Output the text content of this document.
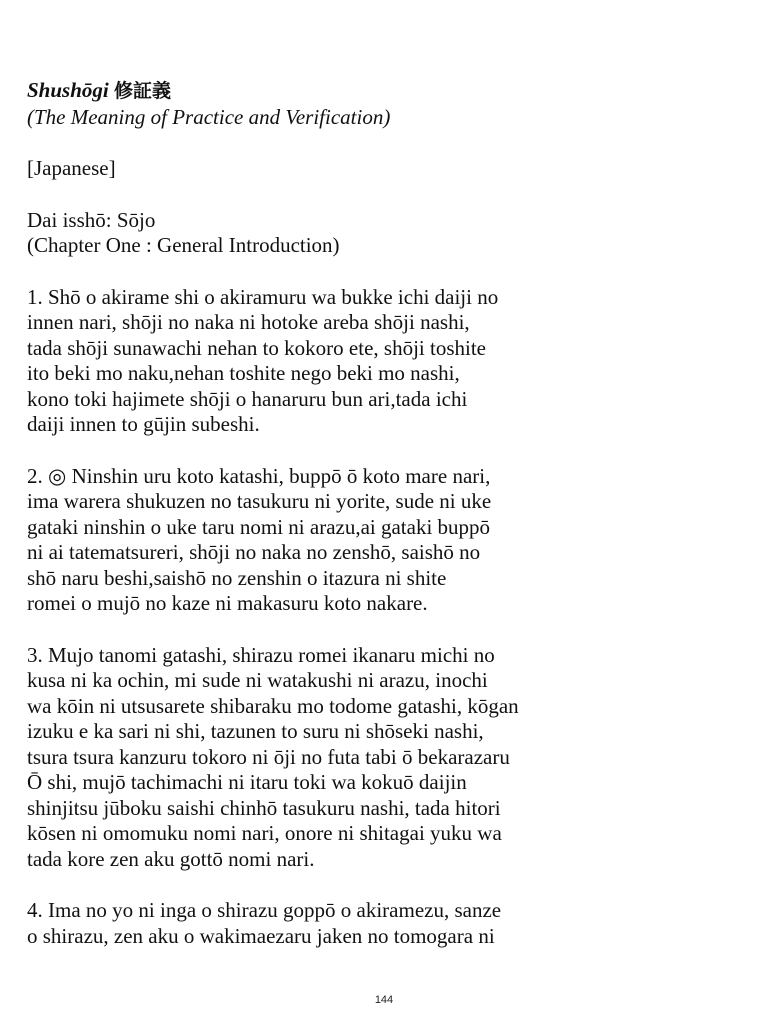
Shushōgi 修証義

(The Meaning of Practice and Verification)

[Japanese]

Dai isshō: Sōjo

(Chapter One : General Introduction)

1. Shō o akirame shi o akiramuru wa bukke ichi daiji no
innen nari, shōji no naka ni hotoke areba shōji nashi,
tada shōji sunawachi nehan to kokoro ete, shōji toshite
ito beki mo naku,nehan toshite nego beki mo nashi,
kono toki hajimete shōji o hanaruru bun ari,tada ichi
daiji innen to gūjin subeshi.
2. ◎ Ninshin uru koto katashi, buppō ō koto mare nari,
ima warera shukuzen no tasukuru ni yorite, sude ni uke
gataki ninshin o uke taru nomi ni arazu,ai gataki buppō
ni ai tatematsureri, shōji no naka no zenshō, saishō no
shō naru beshi,saishō no zenshin o itazura ni shite
romei o mujō no kaze ni makasuru koto nakare.
3. Mujo tanomi gatashi, shirazu romei ikanaru michi no
kusa ni ka ochin, mi sude ni watakushi ni arazu, inochi
wa kōin ni utsusarete shibaraku mo todome gatashi, kōgan
izuku e ka sari ni shi, tazunen to suru ni shōseki nashi,
tsura tsura kanzuru tokoro ni ōji no futa tabi ō bekarazaru
Ō shi, mujō tachimachi ni itaru toki wa kokuō daijin
shinjitsu jūboku saishi chinhō tasukuru nashi, tada hitori
kōsen ni omomuku nomi nari, onore ni shitagai yuku wa
tada kore zen aku gottō nomi nari.
4. Ima no yo ni inga o shirazu goppō o akiramezu, sanze
o shirazu, zen aku o wakimaezaru jaken no tomogara ni
144
